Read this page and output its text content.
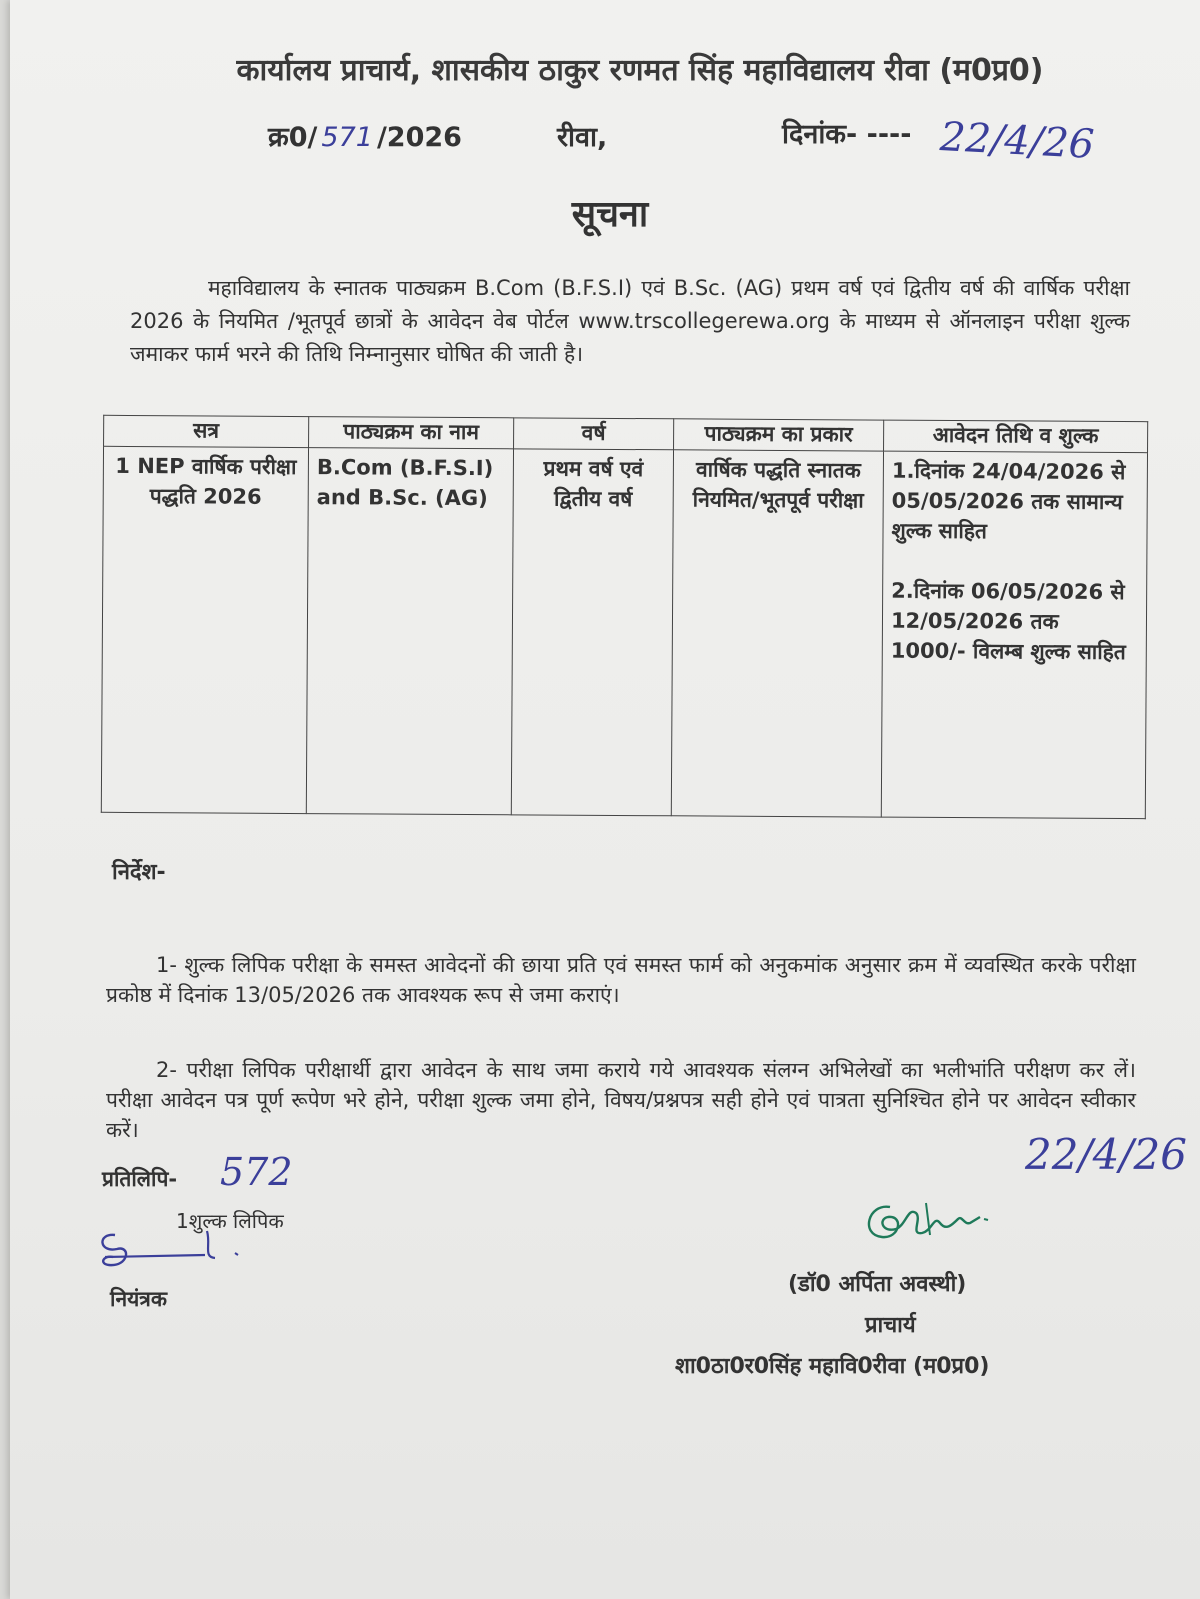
कार्यालय प्राचार्य, शासकीय ठाकुर रणमत सिंह महाविद्यालय रीवा (म0प्र0)
क्र0/ 571 /2026	रीवा,	दिनांक- ---- 22/4/26
सूचना
महाविद्यालय के स्नातक पाठ्यक्रम B.Com (B.F.S.I) एवं B.Sc. (AG) प्रथम वर्ष एवं द्वितीय वर्ष की वार्षिक परीक्षा 2026 के नियमित /भूतपूर्व छात्रों के आवेदन वेब पोर्टल www.trscollegerewa.org के माध्यम से ऑनलाइन परीक्षा शुल्क जमाकर फार्म भरने की तिथि निम्नानुसार घोषित की जाती है।
सत्र	पाठ्यक्रम का नाम	वर्ष	पाठ्यक्रम का प्रकार	आवेदन तिथि व शुल्क
1 NEP वार्षिक परीक्षा पद्धति 2026	B.Com (B.F.S.I) and B.Sc. (AG)	प्रथम वर्ष एवं द्वितीय वर्ष	वार्षिक पद्धति स्नातक नियमित/भूतपूर्व परीक्षा	1.दिनांक 24/04/2026 से 05/05/2026 तक सामान्य शुल्क साहित
2.दिनांक 06/05/2026 से 12/05/2026 तक 1000/- विलम्ब शुल्क साहित
निर्देश-
1- शुल्क लिपिक परीक्षा के समस्त आवेदनों की छाया प्रति एवं समस्त फार्म को अनुकमांक अनुसार क्रम में व्यवस्थित करके परीक्षा प्रकोष्ठ में दिनांक 13/05/2026 तक आवश्यक रूप से जमा कराएं।
2- परीक्षा लिपिक परीक्षार्थी द्वारा आवेदन के साथ जमा कराये गये आवश्यक संलग्न अभिलेखों का भलीभांति परीक्षण कर लें। परीक्षा आवेदन पत्र पूर्ण रूपेण भरे होने, परीक्षा शुल्क जमा होने, विषय/प्रश्नपत्र सही होने एवं पात्रता सुनिश्चित होने पर आवेदन स्वीकार करें।
प्रतिलिपि- 572	22/4/26
1शुल्क लिपिक
नियंत्रक
(डॉ0 अर्पिता अवस्थी)
प्राचार्य
शा0ठा0र0सिंह महावि0रीवा (म0प्र0)
